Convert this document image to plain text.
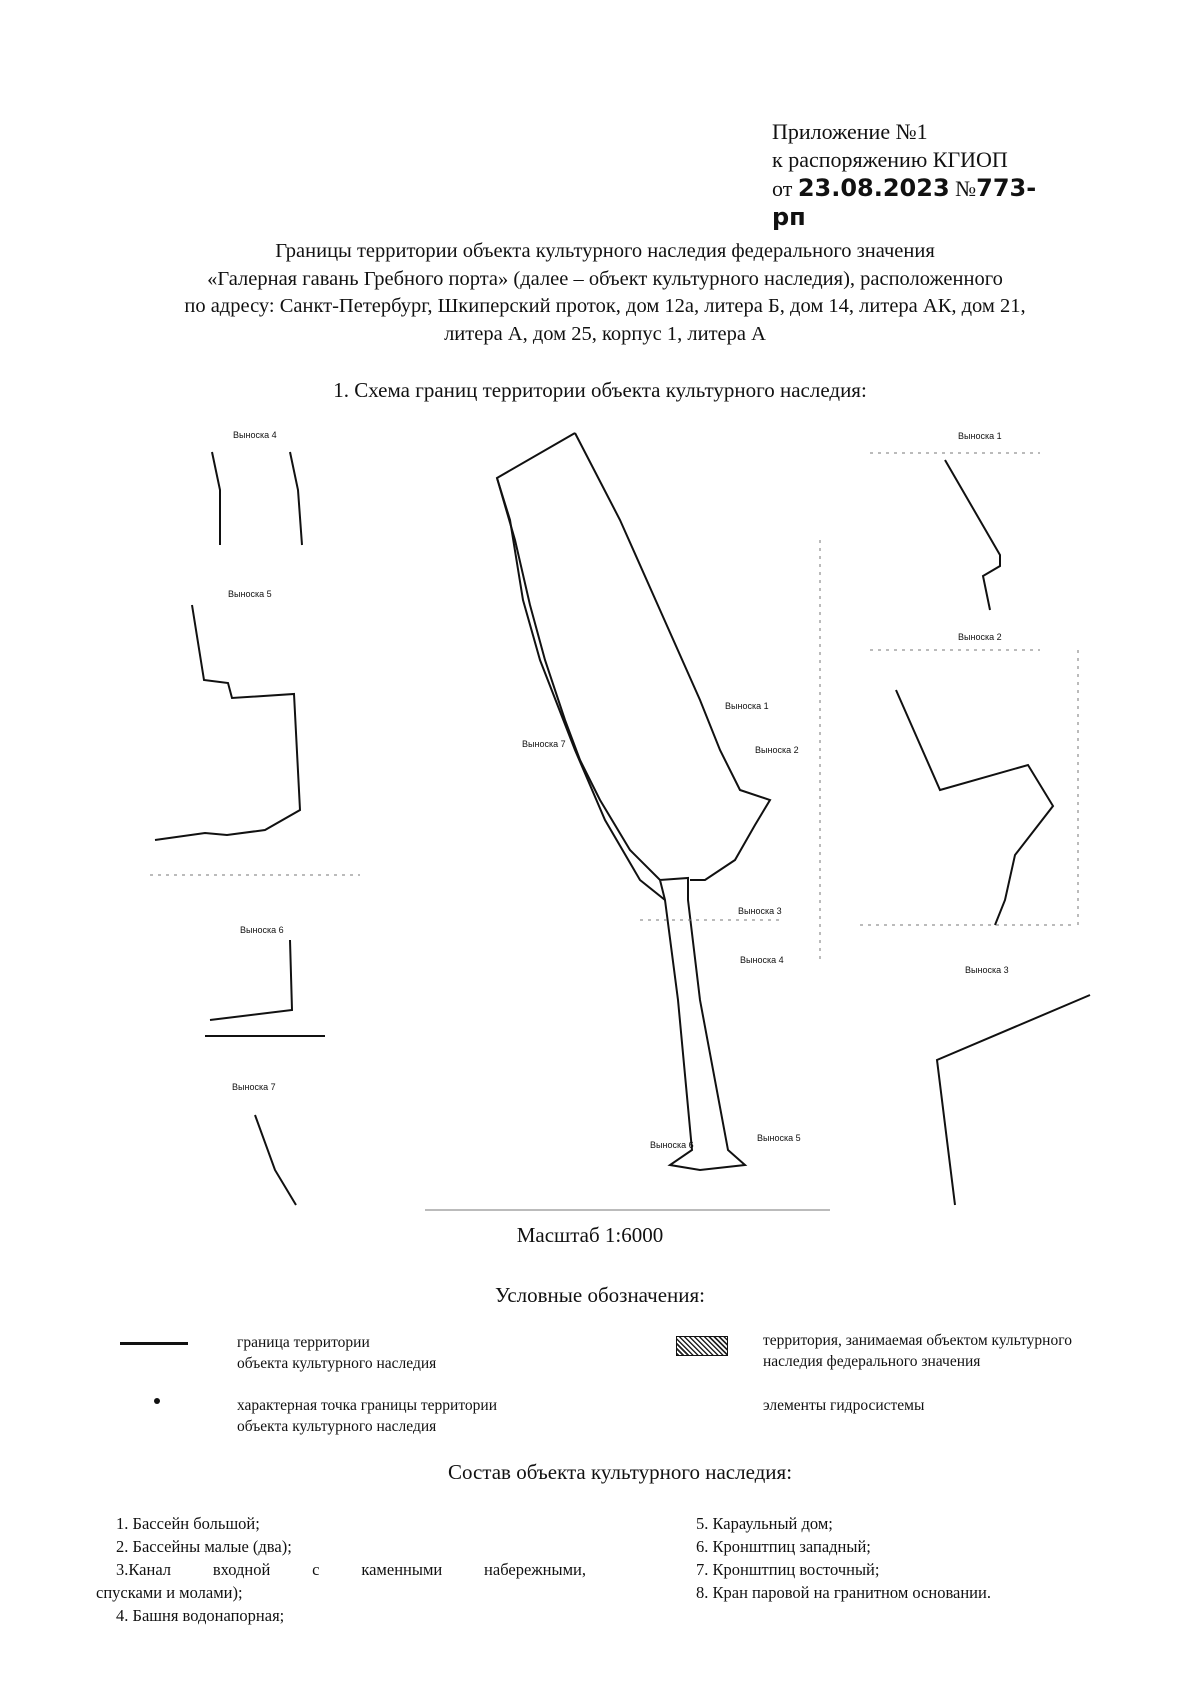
Приложение №1
к распоряжению КГИОП
от 23.08.2023 №773-рп
Границы территории объекта культурного наследия федерального значения
«Галерная гавань Гребного порта» (далее – объект культурного наследия), расположенного
по адресу: Санкт-Петербург, Шкиперский проток, дом 12а, литера Б, дом 14, литера АК, дом 21,
литера А, дом 25, корпус 1, литера А
1. Схема границ территории объекта культурного наследия:
Выноска 4
Выноска 5
Выноска 6
Выноска 7
Выноска 1
Выноска 2
Выноска 3
Выноска 1
Выноска 2
Выноска 3
Выноска 4
Выноска 5
Выноска 6
Выноска 7
Масштаб 1:6000
Условные обозначения:
граница территории
объекта культурного наследия
территория, занимаемая объектом культурного
наследия федерального значения
характерная точка границы территории
объекта культурного наследия
элементы гидросистемы
Состав объекта культурного наследия:
1. Бассейн большой;
2. Бассейны малые (два);
3.Канал входной с каменными набережными,
спусками и молами);
4. Башня водонапорная;
5. Караульный дом;
6. Кронштпиц западный;
7. Кронштпиц восточный;
8. Кран паровой на гранитном основании.
